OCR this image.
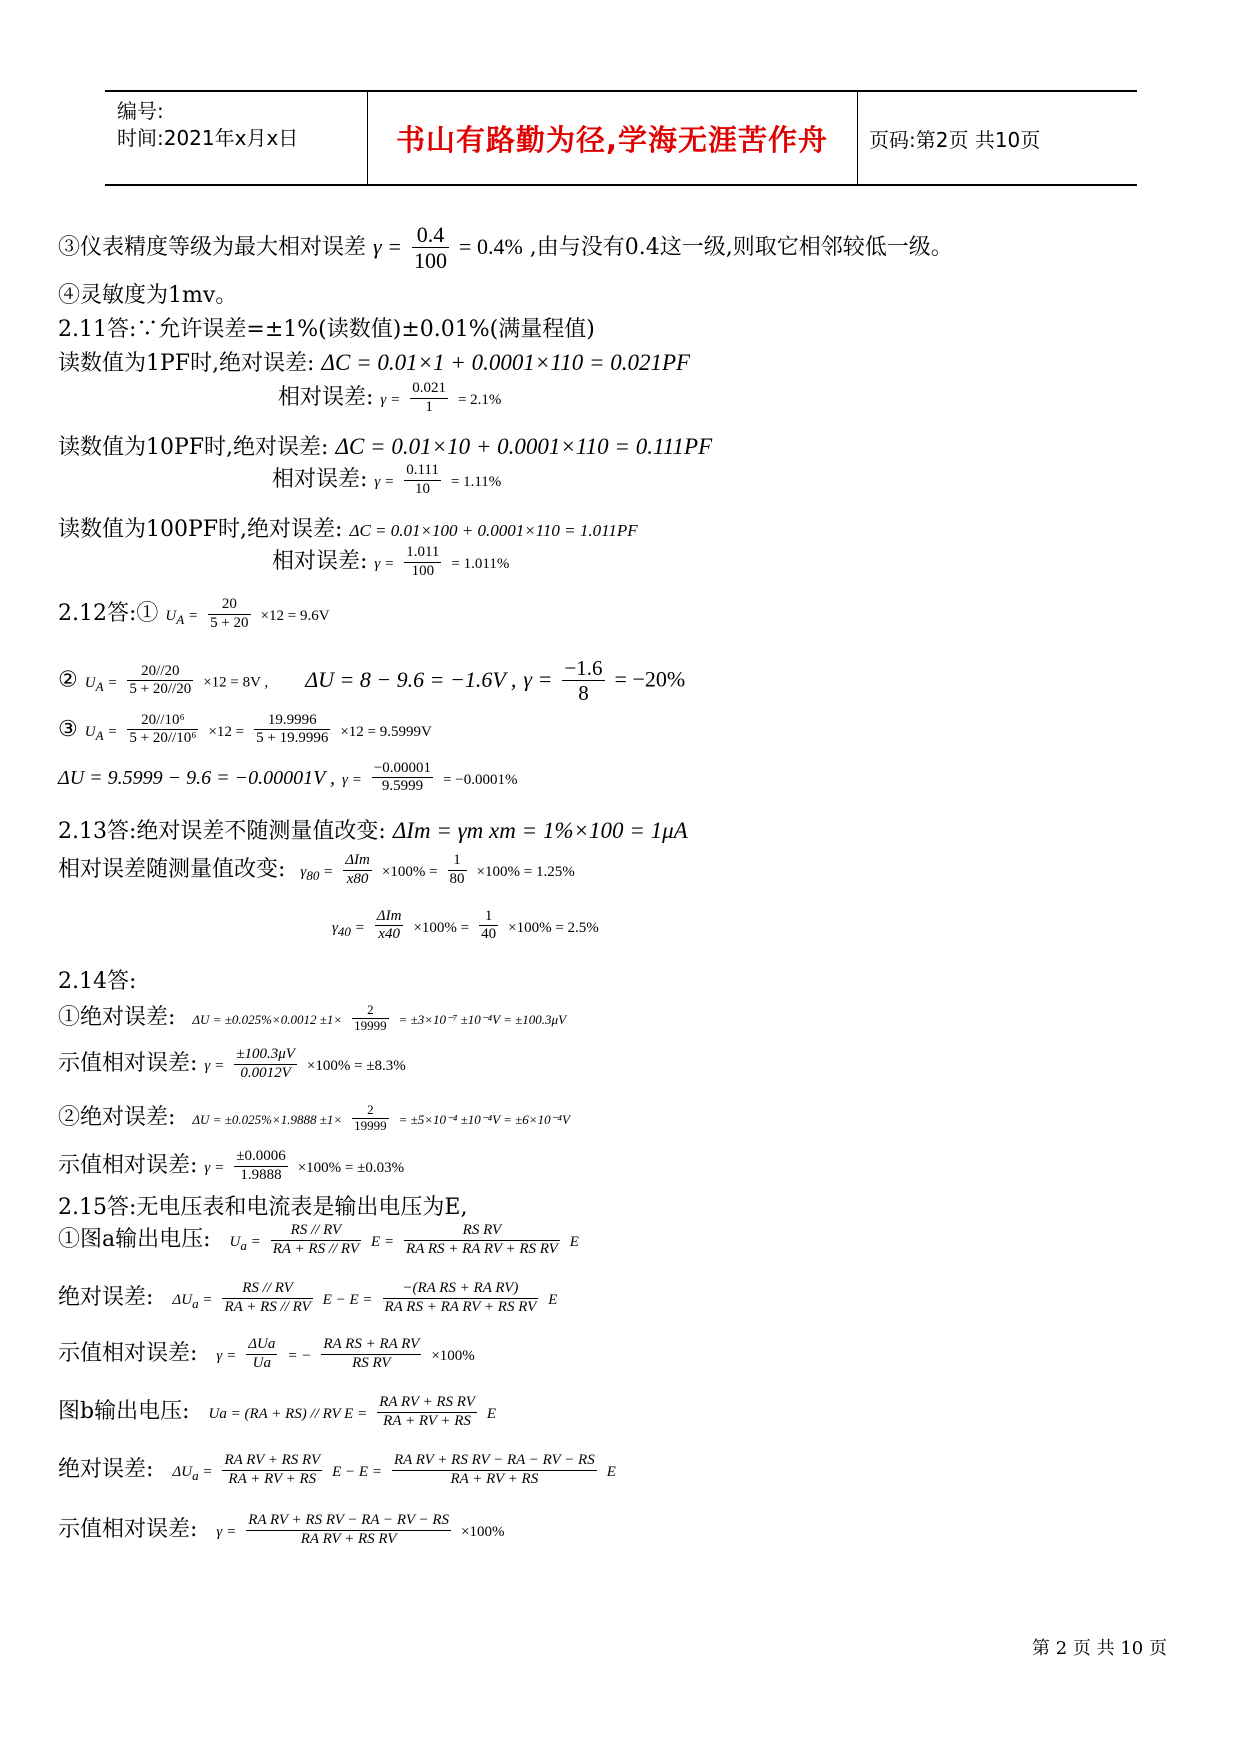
编号:
时间:2021年x月x日	书山有路勤为径,学海无涯苦作舟 页码:第2页 共10页
③仪表精度等级为最大相对误差 $\gamma = \frac{0.4}{100} = 0.4\%$ ,由与没有0.4这一级,则取它相邻较低一级。
④灵敏度为1mv。
2.11答:∵允许误差=±1%(读数值)±0.01%(满量程值)
读数值为1PF时,绝对误差: ΔC = 0.01×1 + 0.0001×110 = 0.021PF
相对误差: $\gamma = \frac{0.021}{1} = 2.1\%$
读数值为10PF时,绝对误差: ΔC = 0.01×10 + 0.0001×110 = 0.111PF
相对误差: $\gamma = \frac{0.111}{10} = 1.11\%$
读数值为100PF时,绝对误差: ΔC = 0.01×100 + 0.0001×110 = 1.011PF
相对误差: $\gamma = \frac{1.011}{100} = 1.011\%$
2.12答:① $U_A = \frac{20}{5 + 20} \times 12 = 9.6V$
② $U_A = \frac{20//20}{5 + 20//20} \times 12 = 8V$ , ΔU = 8 − 9.6 = −1.6V , $\gamma = \frac{-1.6}{8} = -20\%$
③ $U_A = \frac{\text{20//10⁶}}{\text{5 + 20//10⁶}} \times 12 = \frac{19.9996}{5 + 19.9996} \times 12 = 9.5999V$
ΔU = 9.5999 − 9.6 = −0.00001V , $\gamma = \frac{-0.00001}{9.5999} = -0.0001\%$
2.13答:绝对误差不随测量值改变: ΔIm = γm xm = 1%×100 = 1μA
相对误差随测量值改变: $\gamma_{80} = \frac{\text{ΔIm}}{x80} \times 100\% = \frac{1}{80} \times 100\% = 1.25\%$
$\gamma_{40} = \frac{\text{ΔIm}}{x40} \times 100\% = \frac{1}{40} \times 100\% = 2.5\%$
2.14答:
①绝对误差: $\Delta U = \pm 0.025\%\times 0.0012 \pm 1\times \frac{2}{19999} = \pm 3\times 10^{-7} \pm 10^{-4}V = \pm 100.3\mu V$
示值相对误差: $\gamma = \frac{\pm 100.3\mu V}{0.0012V} \times 100\% = \pm 8.3\%$
②绝对误差: $\Delta U = \pm 0.025\%\times 1.9888 \pm 1\times \frac{2}{19999} = \pm 5\times 10^{-4} \pm 10^{-4}V = \pm 6\times 10^{-4}V$
示值相对误差: $\gamma = \frac{\pm 0.0006}{1.9888} \times 100\% = \pm 0.03\%$
2.15答:无电压表和电流表是输出电压为E,
①图a输出电压: $U_a = \frac{RS // RV}{RA + RS // RV}$ $E = \frac{\text{RS RV}}{\text{RA RS + RA RV + RS RV}}$ E
绝对误差: $\Delta U_a = \frac{RS // RV}{RA + RS // RV}$ $E - E = \frac{\text{−(RA RS + RA RV)}}{\text{RA RS + RA RV + RS RV}}$ E
示值相对误差: $\gamma = \frac{\text{ΔUa}}{Ua}$ = − $\frac{\text{RA RS + RA RV}}{\text{RS RV}} \times 100\%$
图b输出电压: Ua = (RA + RS) // RV $E = \frac{\text{RA RV + RS RV}}{RA + RV + RS}$ E
绝对误差: $\Delta U_a = \frac{\text{RA RV + RS RV}}{RA + RV + RS}$ $E - E = \frac{\text{RA RV + RS RV − RA − RV − RS}}{RA + RV + RS}$ E
示值相对误差: $\gamma = \frac{\text{RA RV + RS RV − RA − RV − RS}}{\text{RA RV + RS RV}} \times 100\%$
第 2 页 共 10 页
